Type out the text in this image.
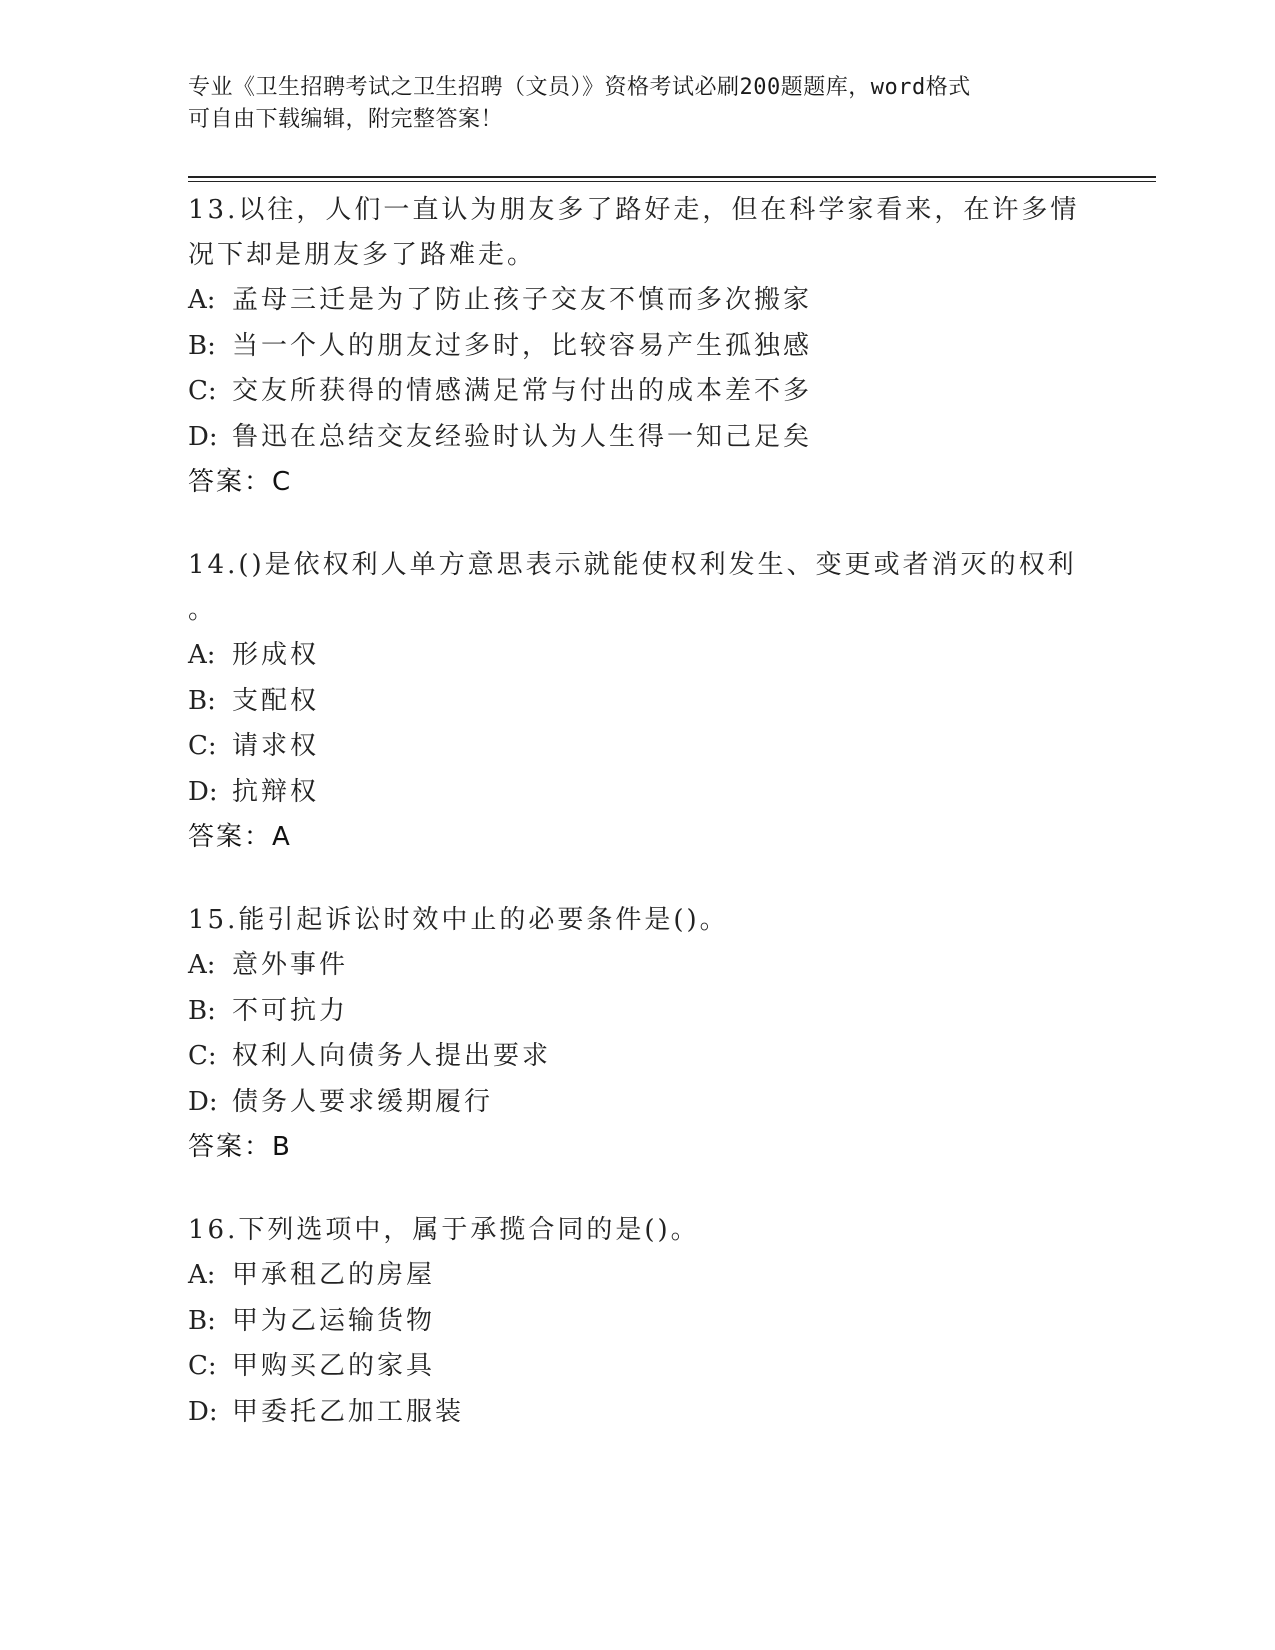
专业《卫生招聘考试之卫生招聘（文员）》资格考试必刷200题题库，word格式
可自由下载编辑，附完整答案！
13.以往，人们一直认为朋友多了路好走，但在科学家看来，在许多情
况下却是朋友多了路难走。
A: 孟母三迁是为了防止孩子交友不慎而多次搬家
B: 当一个人的朋友过多时，比较容易产生孤独感
C: 交友所获得的情感满足常与付出的成本差不多
D: 鲁迅在总结交友经验时认为人生得一知己足矣
答案：C
14.()是依权利人单方意思表示就能使权利发生、变更或者消灭的权利
。
A: 形成权
B: 支配权
C: 请求权
D: 抗辩权
答案：A
15.能引起诉讼时效中止的必要条件是()。
A: 意外事件
B: 不可抗力
C: 权利人向债务人提出要求
D: 债务人要求缓期履行
答案：B
16.下列选项中，属于承揽合同的是()。
A: 甲承租乙的房屋
B: 甲为乙运输货物
C: 甲购买乙的家具
D: 甲委托乙加工服装
